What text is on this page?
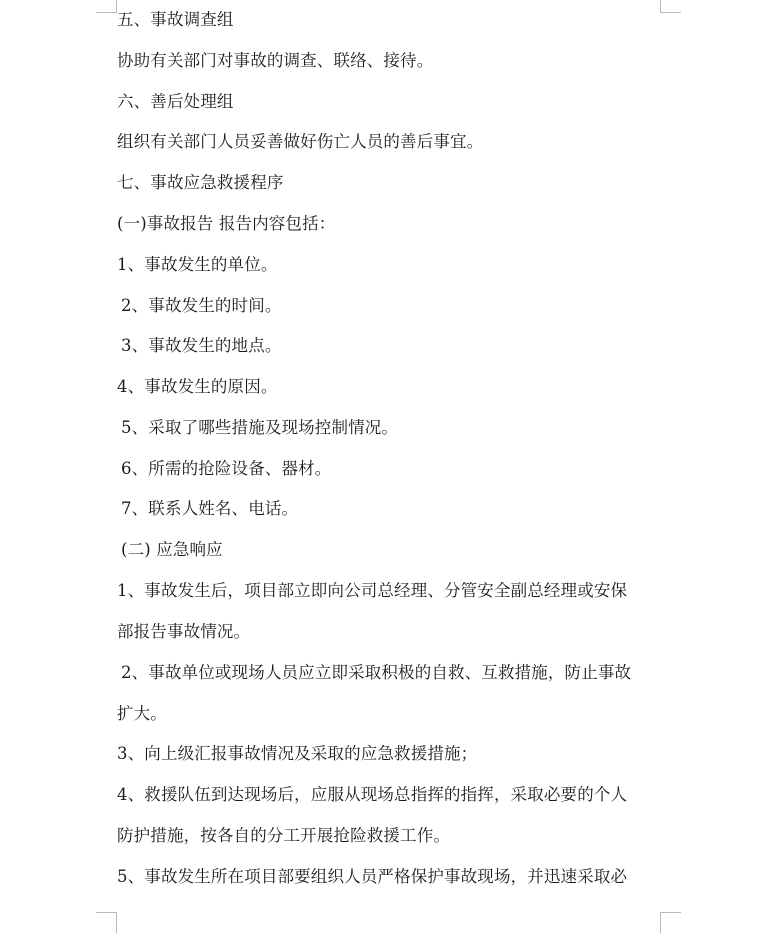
五、事故调查组
协助有关部门对事故的调查、联络、接待。
六、善后处理组
组织有关部门人员妥善做好伤亡人员的善后事宜。
七、事故应急救援程序
(一)事故报告 报告内容包括：
1、事故发生的单位。
2、事故发生的时间。
3、事故发生的地点。
4、事故发生的原因。
5、采取了哪些措施及现场控制情况。
6、所需的抢险设备、器材。
7、联系人姓名、电话。
(二) 应急响应
1、事故发生后，项目部立即向公司总经理、分管安全副总经理或安保
部报告事故情况。
2、事故单位或现场人员应立即采取积极的自救、互救措施，防止事故
扩大。
3、向上级汇报事故情况及采取的应急救援措施；
4、救援队伍到达现场后，应服从现场总指挥的指挥，采取必要的个人
防护措施，按各自的分工开展抢险救援工作。
5、事故发生所在项目部要组织人员严格保护事故现场，并迅速采取必
